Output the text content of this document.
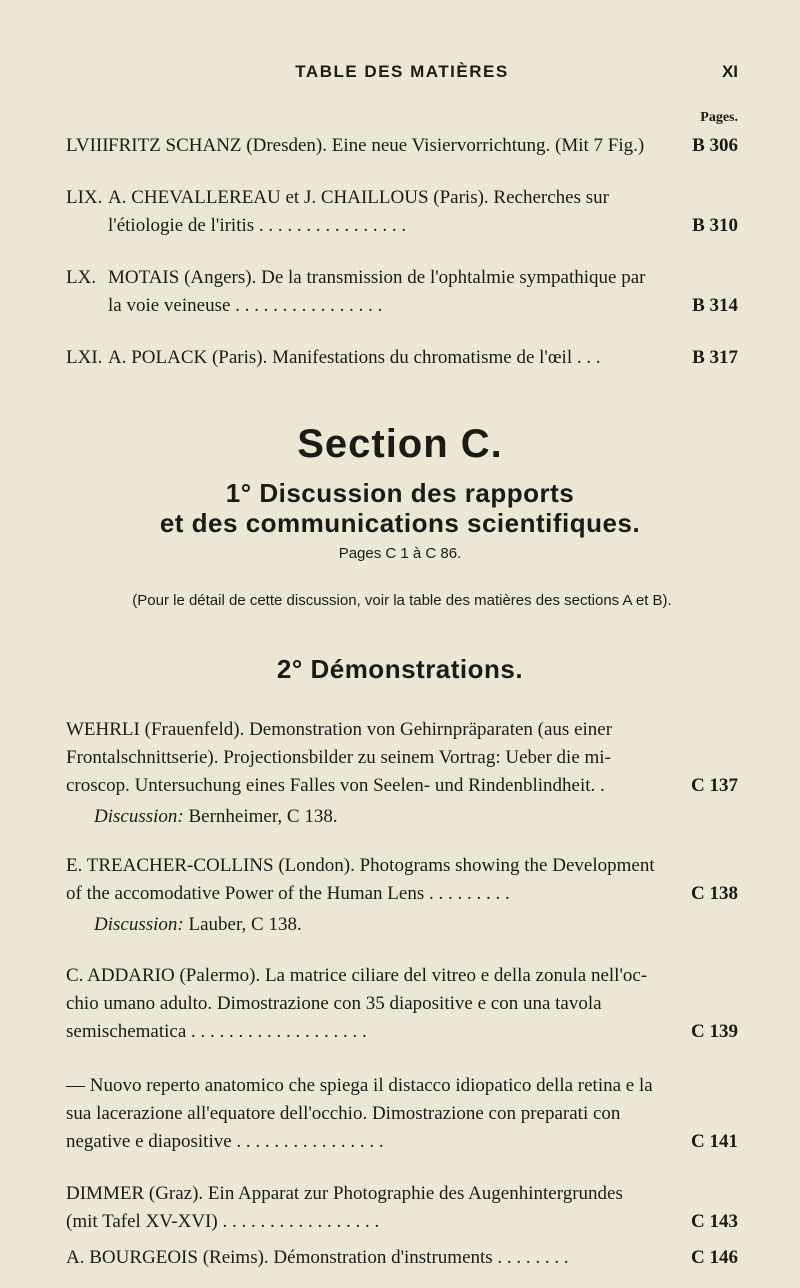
TABLE DES MATIÈRES	XI
Pages.
LVIII.
FRITZ SCHANZ (Dresden). Eine neue Visiervorrichtung. (Mit 7 Fig.)	B 306
LIX. A. CHEVALLEREAU et J. CHAILLOUS (Paris). Recherches sur
l'étiologie de l'iritis . . . . . . . . . . . . . . . .	B 310
LX. MOTAIS (Angers). De la transmission de l'ophtalmie sympathique par
la voie veineuse . . . . . . . . . . . . . . . .	B 314
LXI. A. POLACK (Paris). Manifestations du chromatisme de l'œil . . .	B 317
Section C.
1° Discussion des rapports
et des communications scientifiques.
Pages C 1 à C 86.
(Pour le détail de cette discussion, voir la table des matières des sections A et B).
2° Démonstrations.
WEHRLI (Frauenfeld). Demonstration von Gehirnpräparaten (aus einer
Frontalschnittserie). Projectionsbilder zu seinem Vortrag: Ueber die mi-
croscop. Untersuchung eines Falles von Seelen- und Rindenblindheit. .	C 137
Discussion: Bernheimer, C 138.
E. TREACHER-COLLINS (London). Photograms showing the Development
of the accomodative Power of the Human Lens . . . . . . . . .	C 138
Discussion: Lauber, C 138.
C. ADDARIO (Palermo). La matrice ciliare del vitreo e della zonula nell'oc-
chio umano adulto. Dimostrazione con 35 diapositive e con una tavola
semischematica . . . . . . . . . . . . . . . . . . .	C 139
— Nuovo reperto anatomico che spiega il distacco idiopatico della retina e la
sua lacerazione all'equatore dell'occhio. Dimostrazione con preparati con
negative e diapositive . . . . . . . . . . . . . . . .	C 141
DIMMER (Graz). Ein Apparat zur Photographie des Augenhintergrundes
(mit Tafel XV-XVI) . . . . . . . . . . . . . . . . .	C 143
A. BOURGEOIS (Reims). Démonstration d'instruments . . . . . . . .	C 146
